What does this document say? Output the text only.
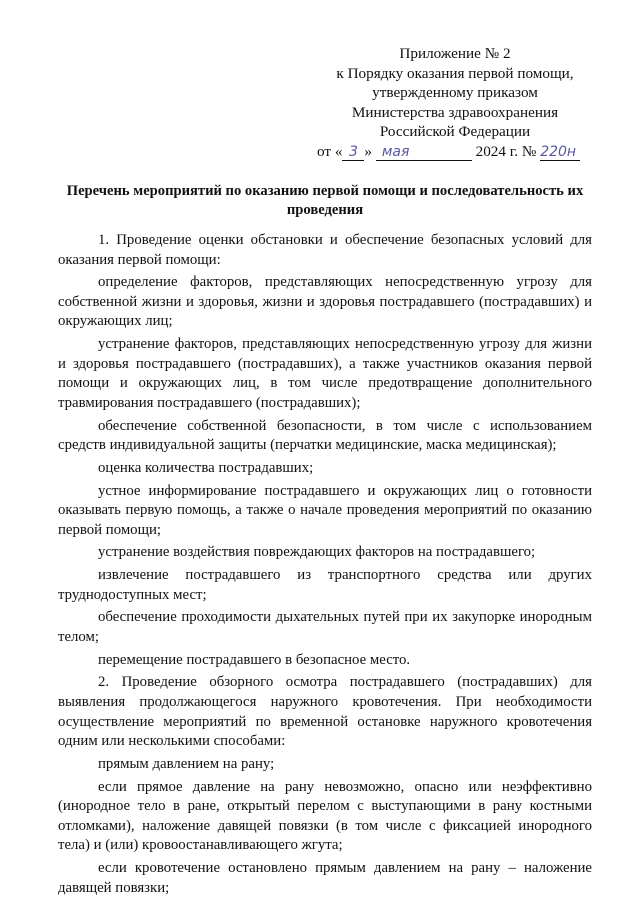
Приложение № 2
к Порядку оказания первой помощи,
утвержденному приказом
Министерства здравоохранения
Российской Федерации
от « 3 » мая	2024 г. № 220н
Перечень мероприятий по оказанию первой помощи и последовательность их проведения

1. Проведение оценки обстановки и обеспечение безопасных условий для оказания первой помощи:

определение факторов, представляющих непосредственную угрозу для собственной жизни и здоровья, жизни и здоровья пострадавшего (пострадавших) и окружающих лиц;

устранение факторов, представляющих непосредственную угрозу для жизни и здоровья пострадавшего (пострадавших), а также участников оказания первой помощи и окружающих лиц, в том числе предотвращение дополнительного травмирования пострадавшего (пострадавших);

обеспечение собственной безопасности, в том числе с использованием средств индивидуальной защиты (перчатки медицинские, маска медицинская);

оценка количества пострадавших;

устное информирование пострадавшего и окружающих лиц о готовности оказывать первую помощь, а также о начале проведения мероприятий по оказанию первой помощи;

устранение воздействия повреждающих факторов на пострадавшего;

извлечение пострадавшего из транспортного средства или других труднодоступных мест;

обеспечение проходимости дыхательных путей при их закупорке инородным телом;

перемещение пострадавшего в безопасное место.

2. Проведение обзорного осмотра пострадавшего (пострадавших) для выявления продолжающегося наружного кровотечения. При необходимости осуществление мероприятий по временной остановке наружного кровотечения одним или несколькими способами:

прямым давлением на рану;

если прямое давление на рану невозможно, опасно или неэффективно (инородное тело в ране, открытый перелом с выступающими в рану костными отломками), наложение давящей повязки (в том числе с фиксацией инородного тела) и (или) кровоостанавливающего жгута;

если кровотечение остановлено прямым давлением на рану – наложение давящей повязки;
